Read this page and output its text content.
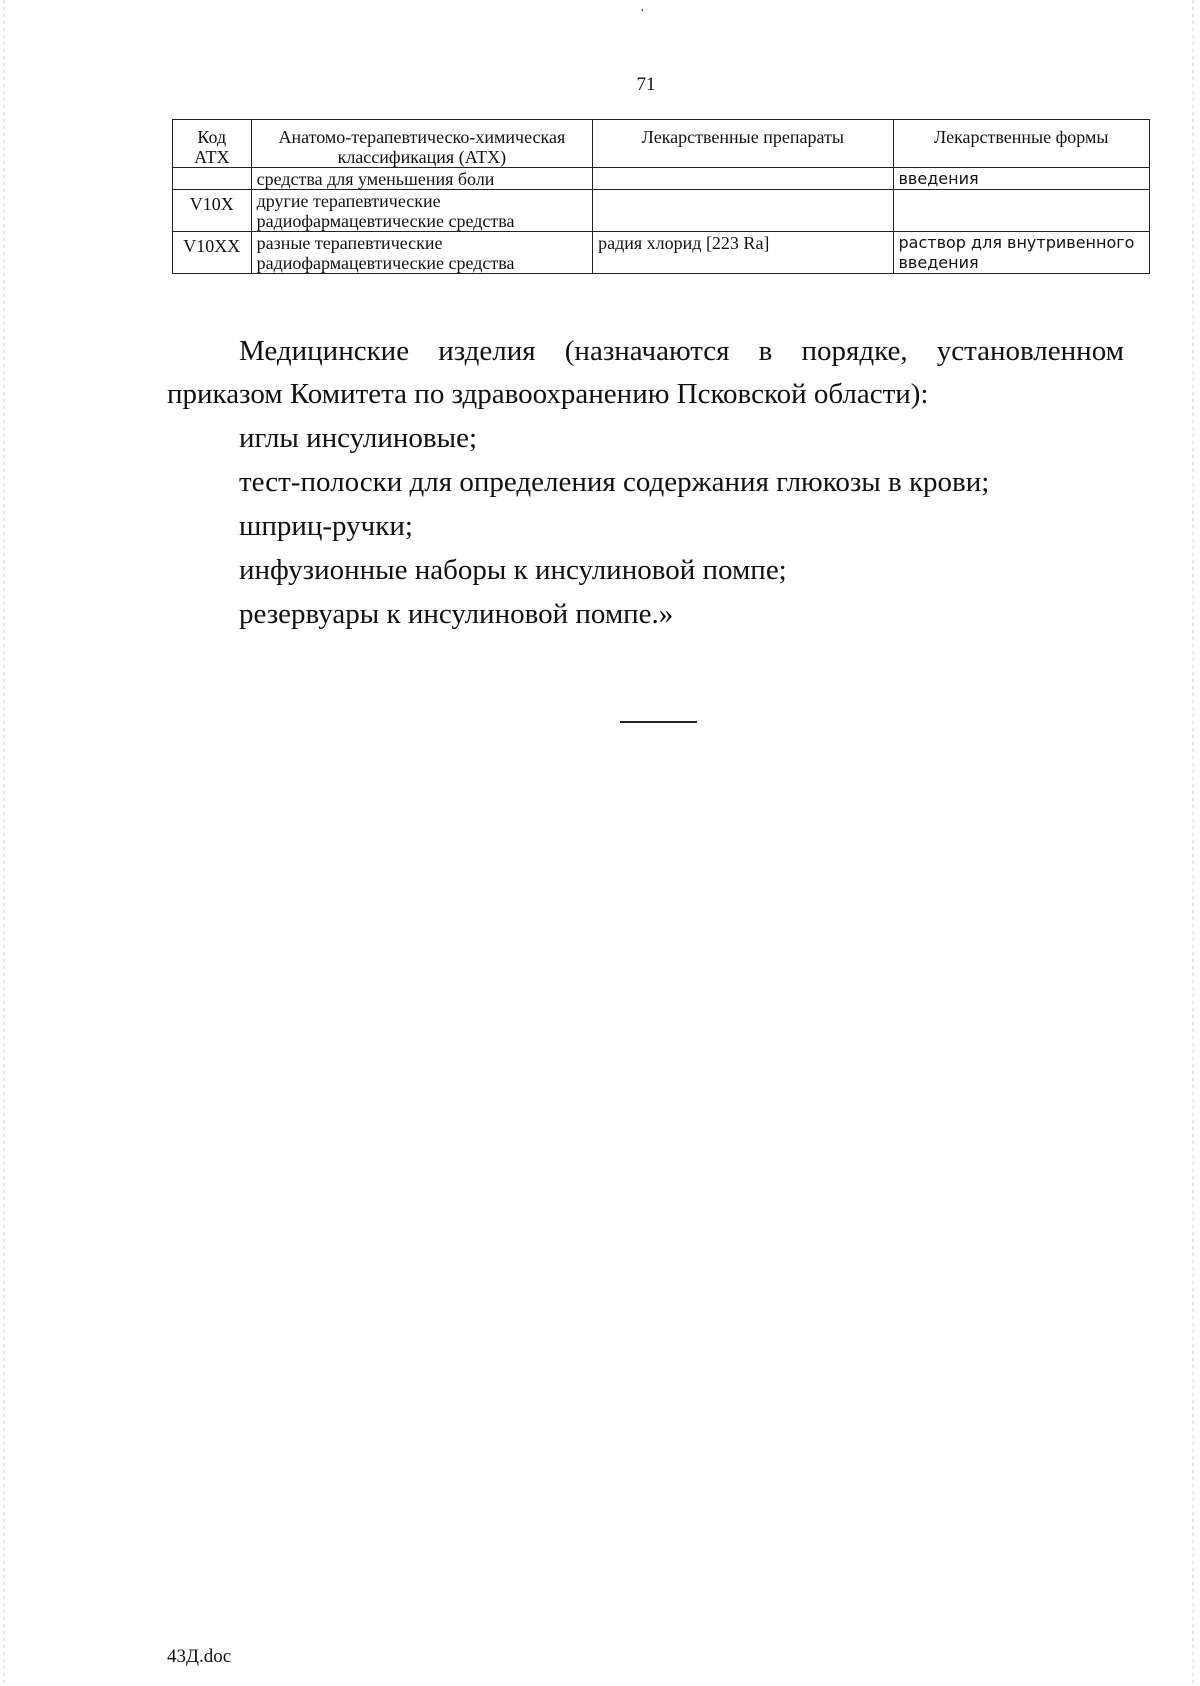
·
71
Код АТХ	Анатомо-терапевтическо-химическая классификация (АТХ)	Лекарственные препараты	Лекарственные формы
	средства для уменьшения боли		введения
V10X	другие терапевтические радиофармацевтические средства		
V10XX	разные терапевтические радиофармацевтические средства	радия хлорид [223 Ra]	раствор для внутривенного введения

Медицинские изделия (назначаются в порядке, установленном приказом Комитета по здравоохранению Псковской области):

иглы инсулиновые;

тест-полоски для определения содержания глюкозы в крови;

шприц-ручки;

инфузионные наборы к инсулиновой помпе;

резервуары к инсулиновой помпе.»

43Д.doc
